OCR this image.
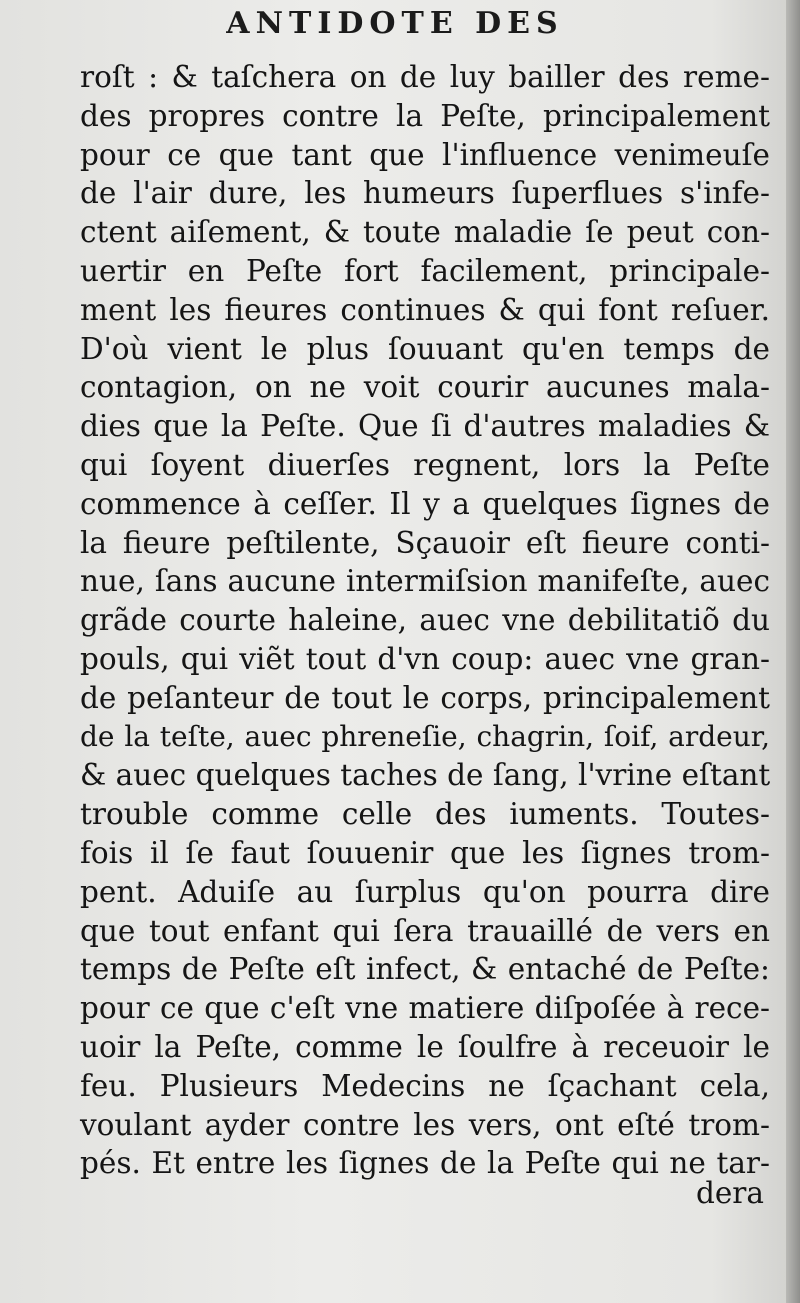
ANTIDOTE DES
roſt : & taſchera on de luy bailler des reme-
des propres contre la Peſte, principalement
pour ce que tant que l'influence venimeuſe
de l'air dure, les humeurs ſuperflues s'infe-
ctent aiſement, & toute maladie ſe peut con-
uertir en Peſte fort facilement, principale-
ment les fieures continues & qui font reſuer.
D'où vient le plus ſouuant qu'en temps de
contagion, on ne voit courir aucunes mala-
dies que la Peſte. Que ſi d'autres maladies &
qui ſoyent diuerſes regnent, lors la Peſte
commence à ceſſer. Il y a quelques ſignes de
la fieure peſtilente, Sçauoir eſt fieure conti-
nue, ſans aucune intermiſsion manifeſte, auec
grãde courte haleine, auec vne debilitatiõ du
pouls, qui viẽt tout d'vn coup: auec vne gran-
de peſanteur de tout le corps, principalement
de la teſte, auec phreneſie, chagrin, ſoif, ardeur,
& auec quelques taches de ſang, l'vrine eſtant
trouble comme celle des iuments. Toutes-
fois il ſe faut ſouuenir que les ſignes trom-
pent. Aduiſe au ſurplus qu'on pourra dire
que tout enfant qui ſera trauaillé de vers en
temps de Peſte eſt infect, & entaché de Peſte:
pour ce que c'eſt vne matiere diſpoſée à rece-
uoir la Peſte, comme le ſoulfre à receuoir le
feu. Plusieurs Medecins ne ſçachant cela,
voulant ayder contre les vers, ont eſté trom-
pés. Et entre les ſignes de la Peſte qui ne tar-
dera
